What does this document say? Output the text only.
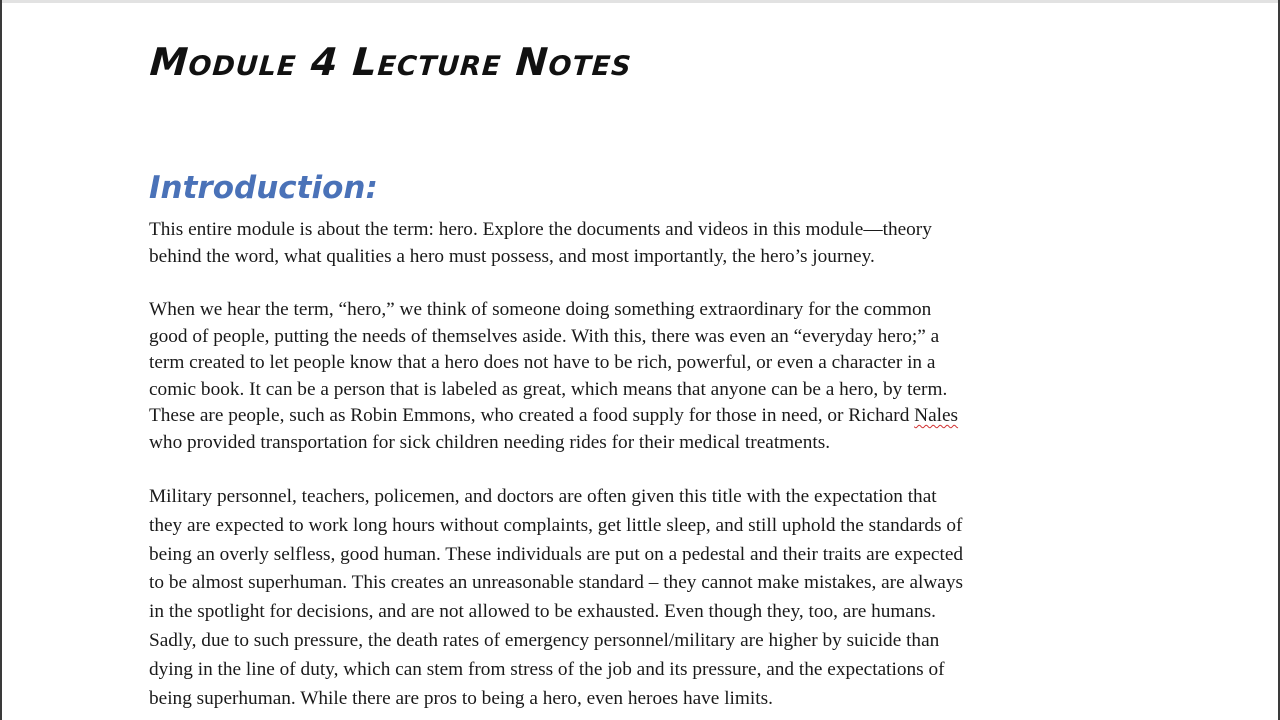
Module 4 Lecture Notes
Introduction:

This entire module is about the term: hero. Explore the documents and videos in this module—theory
behind the word, what qualities a hero must possess, and most importantly, the hero’s journey.

When we hear the term, “hero,” we think of someone doing something extraordinary for the common
good of people, putting the needs of themselves aside. With this, there was even an “everyday hero;” a
term created to let people know that a hero does not have to be rich, powerful, or even a character in a
comic book. It can be a person that is labeled as great, which means that anyone can be a hero, by term.
These are people, such as Robin Emmons, who created a food supply for those in need, or Richard Nales
who provided transportation for sick children needing rides for their medical treatments.

Military personnel, teachers, policemen, and doctors are often given this title with the expectation that
they are expected to work long hours without complaints, get little sleep, and still uphold the standards of
being an overly selfless, good human. These individuals are put on a pedestal and their traits are expected
to be almost superhuman. This creates an unreasonable standard – they cannot make mistakes, are always
in the spotlight for decisions, and are not allowed to be exhausted. Even though they, too, are humans.
Sadly, due to such pressure, the death rates of emergency personnel/military are higher by suicide than
dying in the line of duty, which can stem from stress of the job and its pressure, and the expectations of
being superhuman. While there are pros to being a hero, even heroes have limits.
